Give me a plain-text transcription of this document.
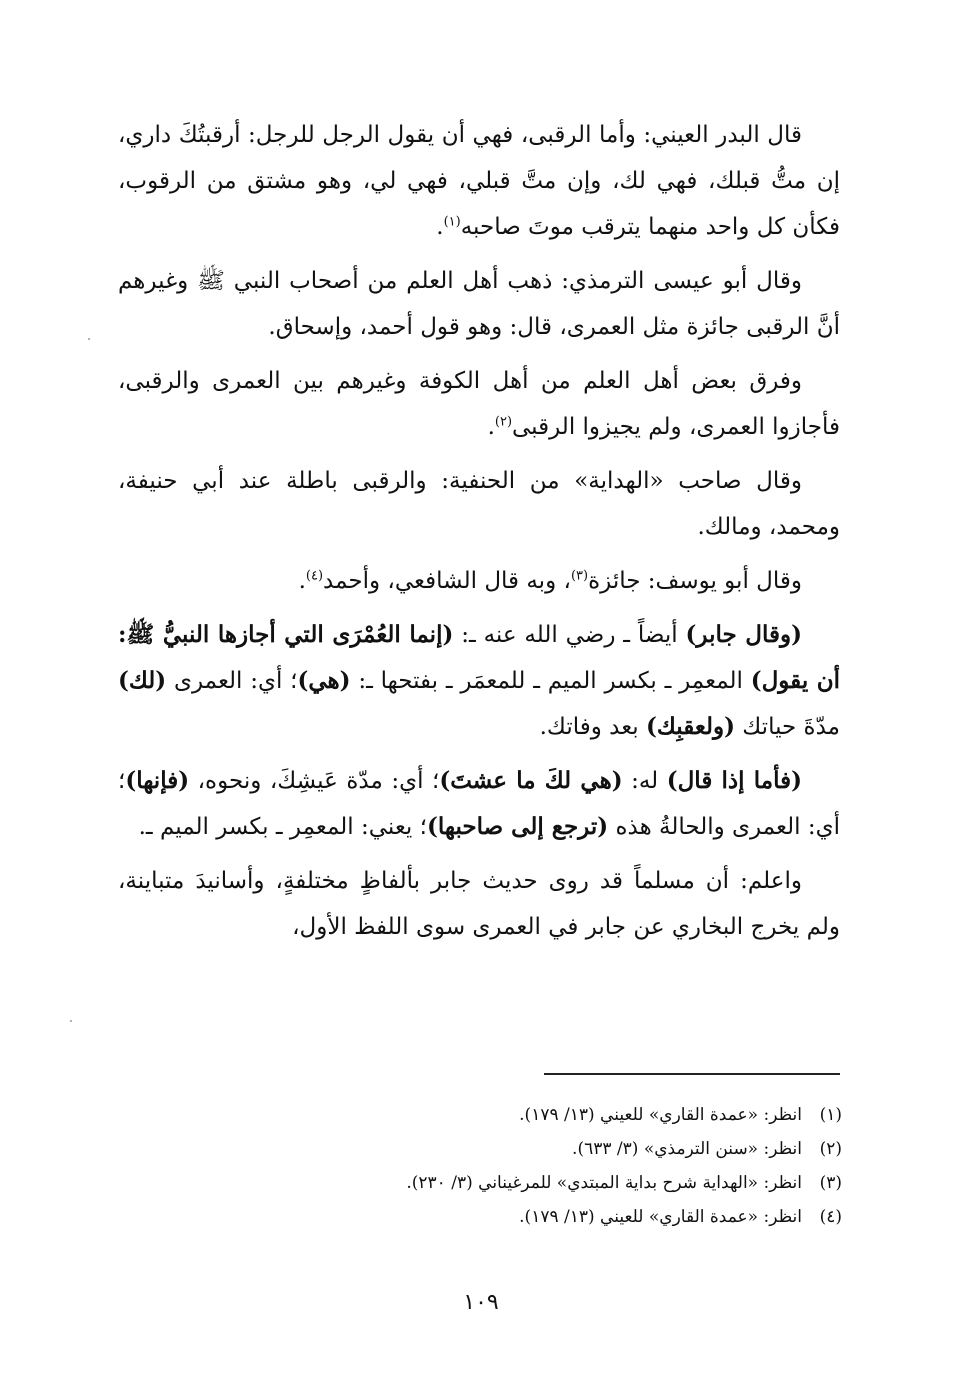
قال البدر العيني: وأما الرقبى، فهي أن يقول الرجل للرجل: أرقبتُكَ داري، إن متُّ قبلك، فهي لك، وإن متَّ قبلي، فهي لي، وهو مشتق من الرقوب، فكأن كل واحد منهما يترقب موتَ صاحبه$^{(١)}$.

وقال أبو عيسى الترمذي: ذهب أهل العلم من أصحاب النبي ﷺ وغيرهم أنَّ الرقبى جائزة مثل العمرى، قال: وهو قول أحمد، وإسحاق.

وفرق بعض أهل العلم من أهل الكوفة وغيرهم بين العمرى والرقبى، فأجازوا العمرى، ولم يجيزوا الرقبى$^{(٢)}$.

وقال صاحب «الهداية» من الحنفية: والرقبى باطلة عند أبي حنيفة، ومحمد، ومالك.

وقال أبو يوسف: جائزة$^{(٣)}$، وبه قال الشافعي، وأحمد$^{(٤)}$.

(وقال جابر) أيضاً ـ رضي الله عنه ـ: (إنما العُمْرَى التي أجازها النبيُّ ﷺ: أن يقول) المعمِر ـ بكسر الميم ـ للمعمَر ـ بفتحها ـ: (هي)؛ أي: العمرى (لك) مدّةَ حياتك (ولعقبِك) بعد وفاتك.

(فأما إذا قال) له: (هي لكَ ما عشتَ)؛ أي: مدّة عَيشِكَ، ونحوه، (فإنها)؛ أي: العمرى والحالةُ هذه (ترجع إلى صاحبها)؛ يعني: المعمِر ـ بكسر الميم ـ.

واعلم: أن مسلماً قد روى حديث جابر بألفاظٍ مختلفةٍ، وأسانيدَ متباينة، ولم يخرج البخاري عن جابر في العمرى سوى اللفظ الأول،

(١)انظر: «عمدة القاري» للعيني (١٣/ ١٧٩).
(٢)انظر: «سنن الترمذي» (٣/ ٦٣٣).
(٣)انظر: «الهداية شرح بداية المبتدي» للمرغيناني (٣/ ٢٣٠).
(٤)انظر: «عمدة القاري» للعيني (١٣/ ١٧٩).
١٠٩
